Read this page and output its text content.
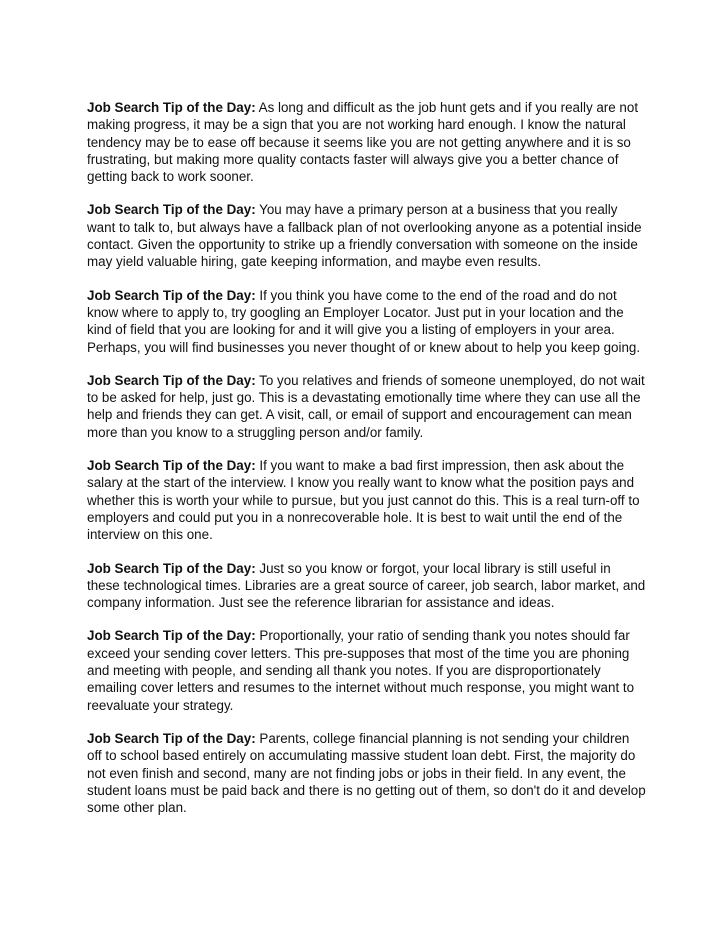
Job Search Tip of the Day: As long and difficult as the job hunt gets and if you really are not making progress, it may be a sign that you are not working hard enough. I know the natural tendency may be to ease off because it seems like you are not getting anywhere and it is so frustrating, but making more quality contacts faster will always give you a better chance of getting back to work sooner.

Job Search Tip of the Day: You may have a primary person at a business that you really want to talk to, but always have a fallback plan of not overlooking anyone as a potential inside contact. Given the opportunity to strike up a friendly conversation with someone on the inside may yield valuable hiring, gate keeping information, and maybe even results.

Job Search Tip of the Day: If you think you have come to the end of the road and do not know where to apply to, try googling an Employer Locator. Just put in your location and the kind of field that you are looking for and it will give you a listing of employers in your area. Perhaps, you will find businesses you never thought of or knew about to help you keep going.

Job Search Tip of the Day: To you relatives and friends of someone unemployed, do not wait to be asked for help, just go. This is a devastating emotionally time where they can use all the help and friends they can get. A visit, call, or email of support and encouragement can mean more than you know to a struggling person and/or family.

Job Search Tip of the Day: If you want to make a bad first impression, then ask about the salary at the start of the interview. I know you really want to know what the position pays and whether this is worth your while to pursue, but you just cannot do this. This is a real turn-off to employers and could put you in a nonrecoverable hole. It is best to wait until the end of the interview on this one.

Job Search Tip of the Day: Just so you know or forgot, your local library is still useful in these technological times. Libraries are a great source of career, job search, labor market, and company information. Just see the reference librarian for assistance and ideas.

Job Search Tip of the Day: Proportionally, your ratio of sending thank you notes should far exceed your sending cover letters. This pre-supposes that most of the time you are phoning and meeting with people, and sending all thank you notes. If you are disproportionately emailing cover letters and resumes to the internet without much response, you might want to reevaluate your strategy.

Job Search Tip of the Day: Parents, college financial planning is not sending your children off to school based entirely on accumulating massive student loan debt. First, the majority do not even finish and second, many are not finding jobs or jobs in their field. In any event, the student loans must be paid back and there is no getting out of them, so don't do it and develop some other plan.
